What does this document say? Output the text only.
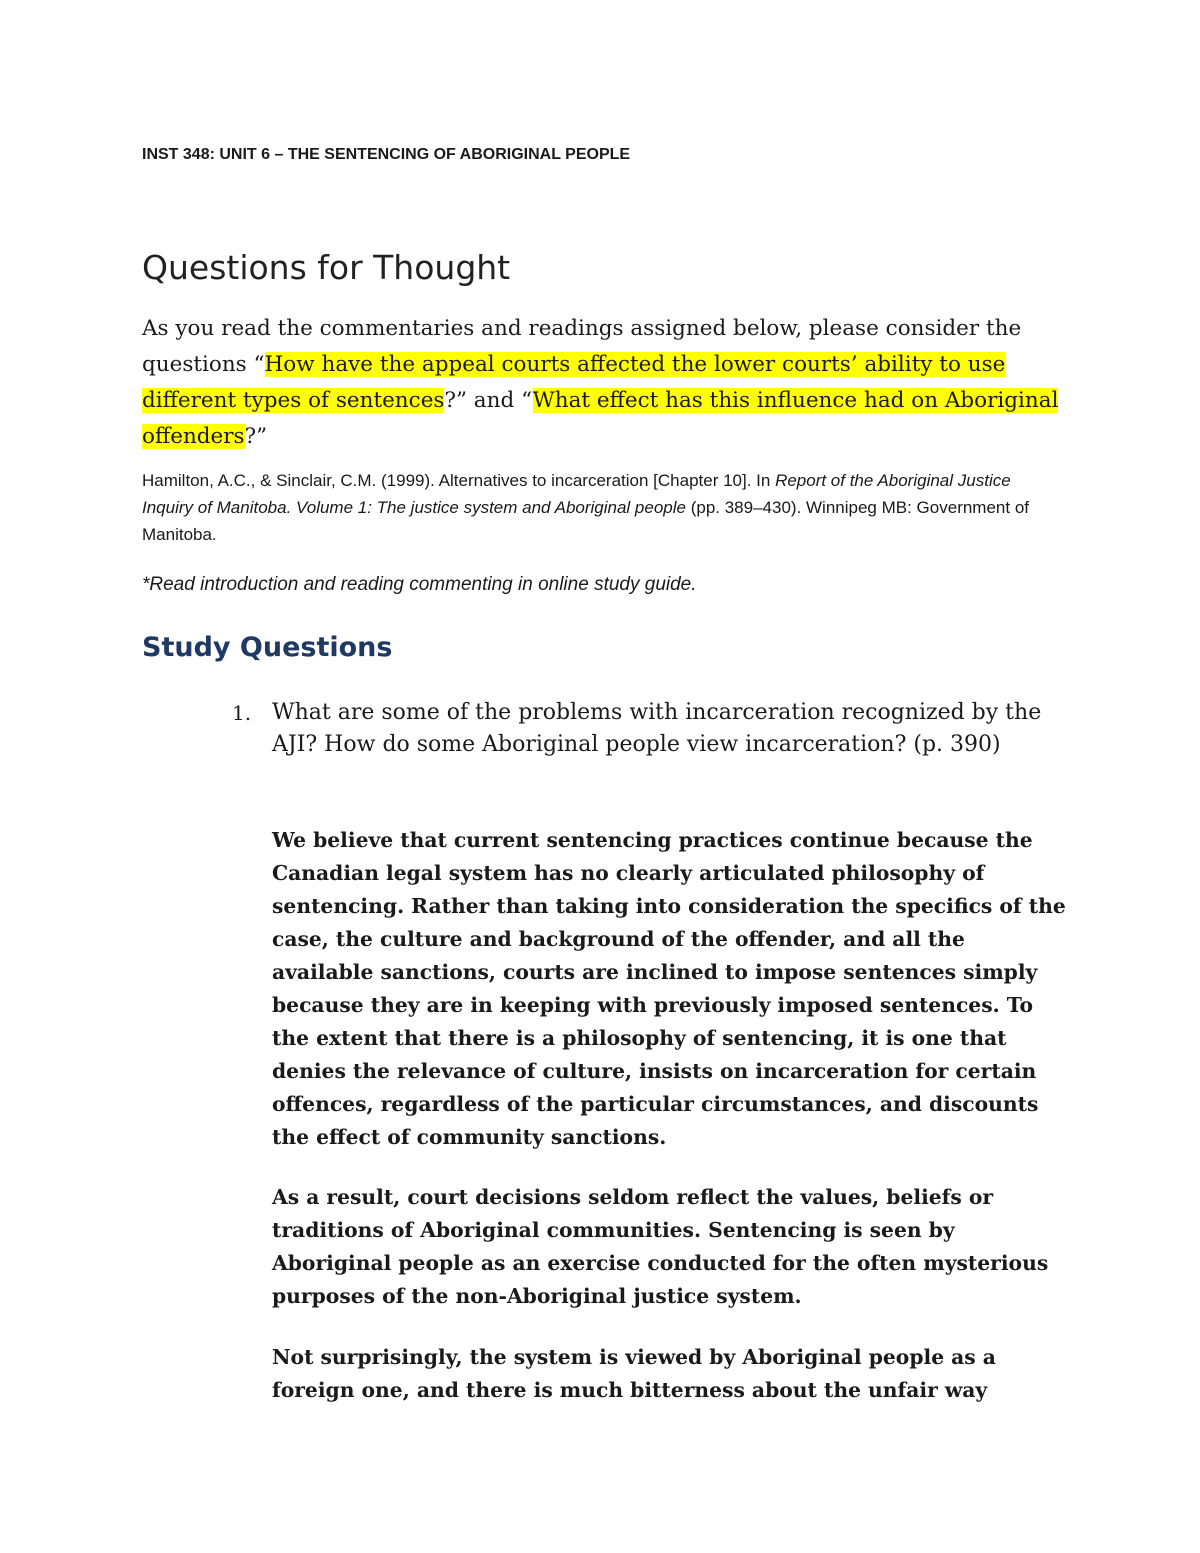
INST 348: UNIT 6 – THE SENTENCING OF ABORIGINAL PEOPLE
Questions for Thought
As you read the commentaries and readings assigned below, please consider the questions “How have the appeal courts affected the lower courts’ ability to use different types of sentences?” and “What effect has this influence had on Aboriginal offenders?”
Hamilton, A.C., & Sinclair, C.M. (1999). Alternatives to incarceration [Chapter 10]. In Report of the Aboriginal Justice Inquiry of Manitoba. Volume 1: The justice system and Aboriginal people (pp. 389–430). Winnipeg MB: Government of Manitoba.
*Read introduction and reading commenting in online study guide.
Study Questions
1. What are some of the problems with incarceration recognized by the AJI? How do some Aboriginal people view incarceration? (p. 390)
We believe that current sentencing practices continue because the Canadian legal system has no clearly articulated philosophy of sentencing. Rather than taking into consideration the specifics of the case, the culture and background of the offender, and all the available sanctions, courts are inclined to impose sentences simply because they are in keeping with previously imposed sentences. To the extent that there is a philosophy of sentencing, it is one that denies the relevance of culture, insists on incarceration for certain offences, regardless of the particular circumstances, and discounts the effect of community sanctions.
As a result, court decisions seldom reflect the values, beliefs or traditions of Aboriginal communities. Sentencing is seen by Aboriginal people as an exercise conducted for the often mysterious purposes of the non-Aboriginal justice system.
Not surprisingly, the system is viewed by Aboriginal people as a foreign one, and there is much bitterness about the unfair way
